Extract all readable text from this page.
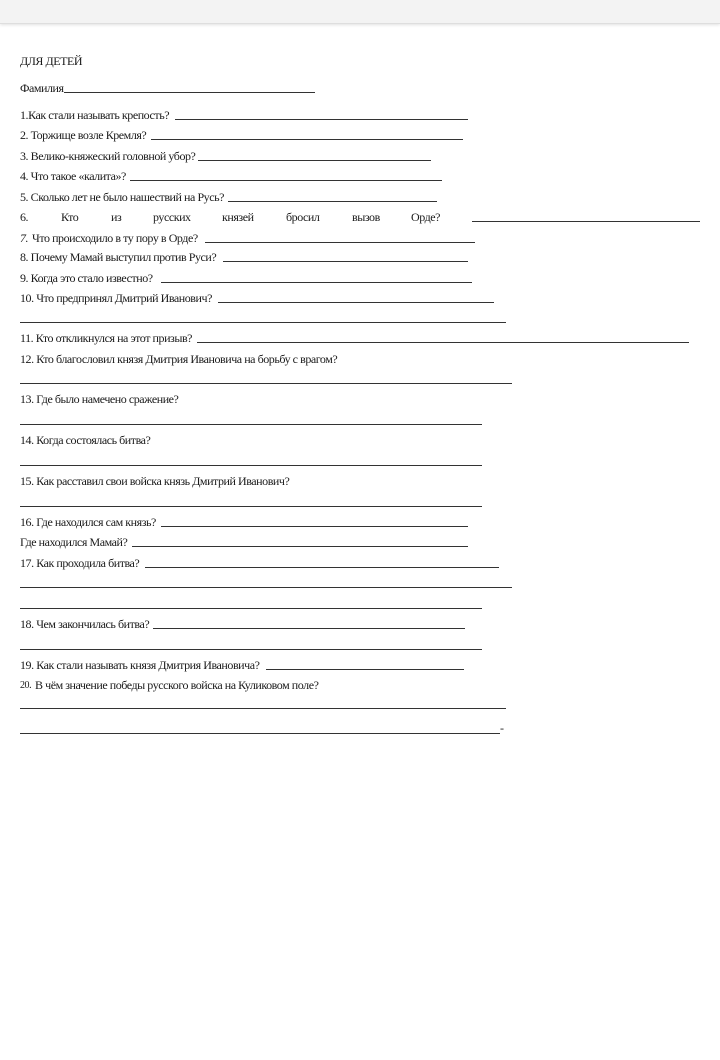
ДЛЯ ДЕТЕЙ
Фамилия
1.Как стали называть крепость?
2. Торжище возле Кремля?
3. Велико-княжеский головной убор?
4. Что такое «калита»?
5. Сколько лет не было нашествий на Русь?
6.	Кто	из	русских	князей	бросил	вызов	Орде?
7. Что происходило в ту пору в Орде?
8. Почему Мамай выступил против Руси?
9. Когда это стало известно?
10. Что предпринял Дмитрий Иванович?
11. Кто откликнулся на этот призыв?
12. Кто благословил князя Дмитрия Ивановича на борьбу с врагом?
13. Где было намечено сражение?
14. Когда состоялась битва?
15. Как расставил свои войска князь Дмитрий Иванович?
16. Где находился сам князь?
Где находился Мамай?
17. Как проходила битва?
18. Чем закончилась битва?
19. Как стали называть князя Дмитрия Ивановича?
20. В чём значение победы русского войска на Куликовом поле?
-
